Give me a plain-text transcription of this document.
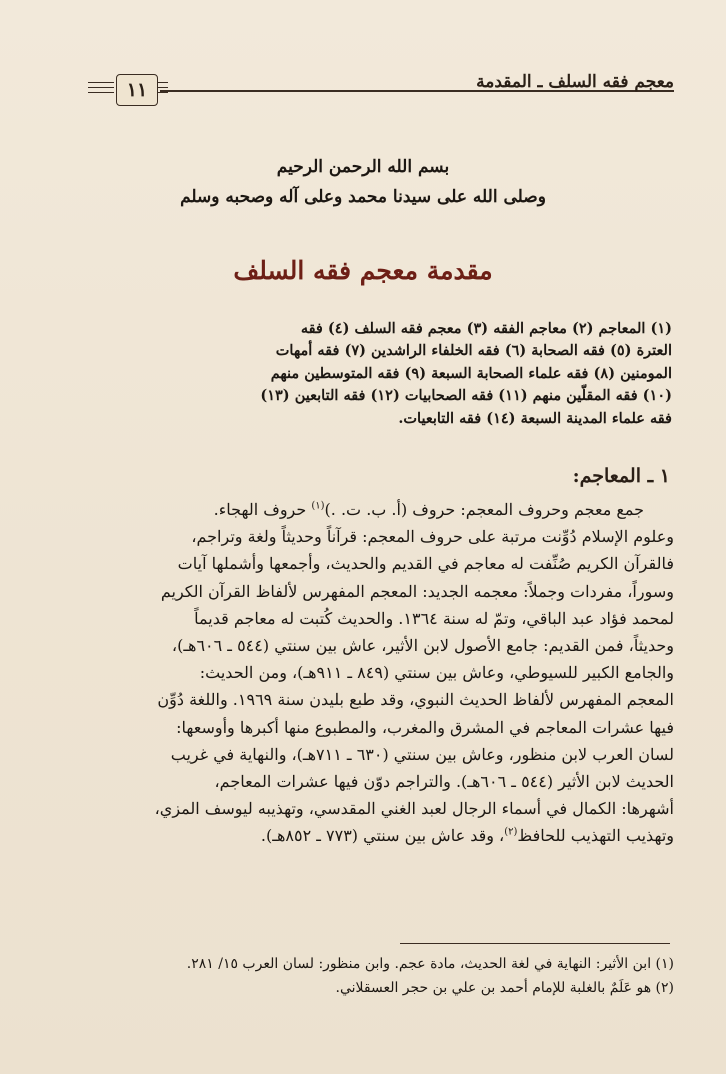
١١	معجم فقه السلف ـ المقدمة
بسم الله الرحمن الرحيم
وصلى الله على سيدنا محمد وعلى آله وصحبه وسلم
مقدمة معجم فقه السلف
(١) المعاجم (٢) معاجم الفقه (٣) معجم فقه السلف (٤) فقه
العترة (٥) فقه الصحابة (٦) فقه الخلفاء الراشدين (٧) فقه أمهات
المومنين (٨) فقه علماء الصحابة السبعة (٩) فقه المتوسطين منهم
(١٠) فقه المقلّين منهم (١١) فقه الصحابيات (١٢) فقه التابعين (١٣)
فقه علماء المدينة السبعة (١٤) فقه التابعيات.
١ ـ المعاجم:

جمع معجم وحروف المعجم: حروف (أ. ب. ت. .)$^{(١)}$ حروف الهجاء.

وعلوم الإسلام دُوِّنت مرتبة على حروف المعجم: قرآناً وحديثاً ولغة وتراجم،

فالقرآن الكريم صُنِّفت له معاجم في القديم والحديث، وأجمعها وأشملها آيات

وسوراً، مفردات وجملاً: معجمه الجديد: المعجم المفهرس لألفاظ القرآن الكريم

لمحمد فؤاد عبد الباقي، وتمّ له سنة ١٣٦٤. والحديث كُتبت له معاجم قديماً

وحديثاً، فمن القديم: جامع الأصول لابن الأثير، عاش بين سنتي (٥٤٤ ـ ٦٠٦هـ)،

والجامع الكبير للسيوطي، وعاش بين سنتي (٨٤٩ ـ ٩١١هـ)، ومن الحديث:

المعجم المفهرس لألفاظ الحديث النبوي، وقد طبع بليدن سنة ١٩٦٩. واللغة دُوِّن

فيها عشرات المعاجم في المشرق والمغرب، والمطبوع منها أكبرها وأوسعها:

لسان العرب لابن منظور، وعاش بين سنتي (٦٣٠ ـ ٧١١هـ)، والنهاية في غريب

الحديث لابن الأثير (٥٤٤ ـ ٦٠٦هـ). والتراجم دوّن فيها عشرات المعاجم،

أشهرها: الكمال في أسماء الرجال لعبد الغني المقدسي، وتهذيبه ليوسف المزي،

وتهذيب التهذيب للحافظ$^{(٢)}$، وقد عاش بين سنتي (٧٧٣ ـ ٨٥٢هـ).

(١) ابن الأثير: النهاية في لغة الحديث، مادة عجم. وابن منظور: لسان العرب ١٥/ ٢٨١.

(٢) هو عَلَمٌ بالغلبة للإمام أحمد بن علي بن حجر العسقلاني.
